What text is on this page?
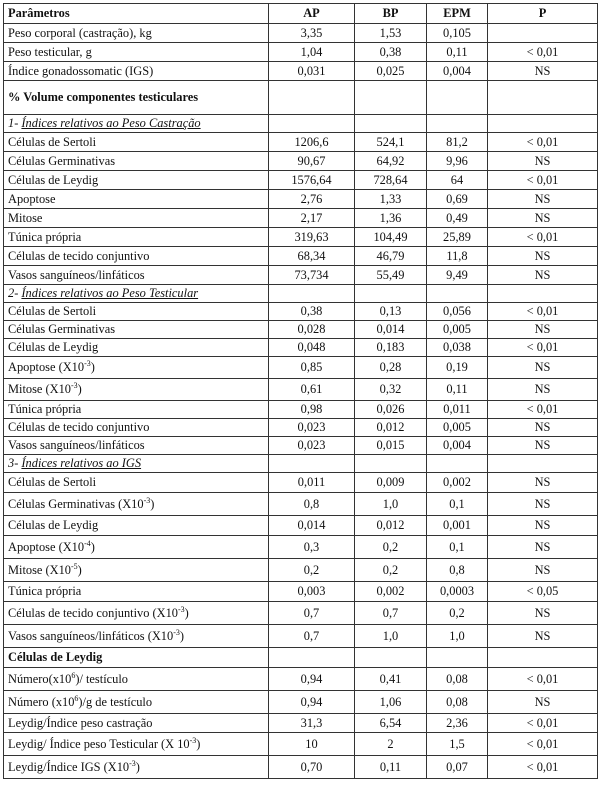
Parâmetros	AP	BP	EPM	P
Peso corporal (castração), kg	3,35	1,53	0,105	
Peso testicular, g	1,04	0,38	0,11	< 0,01
Índice gonadossomatic (IGS)	0,031	0,025	0,004	NS
% Volume componentes testiculares				
1- Índices relativos ao Peso Castração				
Células de Sertoli	1206,6	524,1	81,2	< 0,01
Células Germinativas	90,67	64,92	9,96	NS
Células de Leydig	1576,64	728,64	64	< 0,01
Apoptose	2,76	1,33	0,69	NS
Mitose	2,17	1,36	0,49	NS
Túnica própria	319,63	104,49	25,89	< 0,01
Células de tecido conjuntivo	68,34	46,79	11,8	NS
Vasos sanguíneos/linfáticos	73,734	55,49	9,49	NS
2- Índices relativos ao Peso Testicular				
Células de Sertoli	0,38	0,13	0,056	< 0,01
Células Germinativas	0,028	0,014	0,005	NS
Células de Leydig	0,048	0,183	0,038	< 0,01
Apoptose $(X10^{-3})$	0,85	0,28	0,19	NS
Mitose $(X10^{-3})$	0,61	0,32	0,11	NS
Túnica própria	0,98	0,026	0,011	< 0,01
Células de tecido conjuntivo	0,023	0,012	0,005	NS
Vasos sanguíneos/linfáticos	0,023	0,015	0,004	NS
3- Índices relativos ao IGS				
Células de Sertoli	0,011	0,009	0,002	NS
Células Germinativas $(X10^{-3})$	0,8	1,0	0,1	NS
Células de Leydig	0,014	0,012	0,001	NS
Apoptose $(X10^{-4})$	0,3	0,2	0,1	NS
Mitose $(X10^{-5})$	0,2	0,2	0,8	NS
Túnica própria	0,003	0,002	0,0003	< 0,05
Células de tecido conjuntivo $(X10^{-3})$	0,7	0,7	0,2	NS
Vasos sanguíneos/linfáticos $(X10^{-3})$	0,7	1,0	1,0	NS
Células de Leydig				
$Número(x10^6)/$ testículo	0,94	0,41	0,08	< 0,01
Número $(x10^6)/g$ de testículo	0,94	1,06	0,08	NS
Leydig/Índice peso castração	31,3	6,54	2,36	< 0,01
Leydig/ Índice peso Testicular (X $10^{-3}$)	10	2	1,5	< 0,01
Leydig/Índice IGS $(X10^{-3})$	0,70	0,11	0,07	< 0,01
